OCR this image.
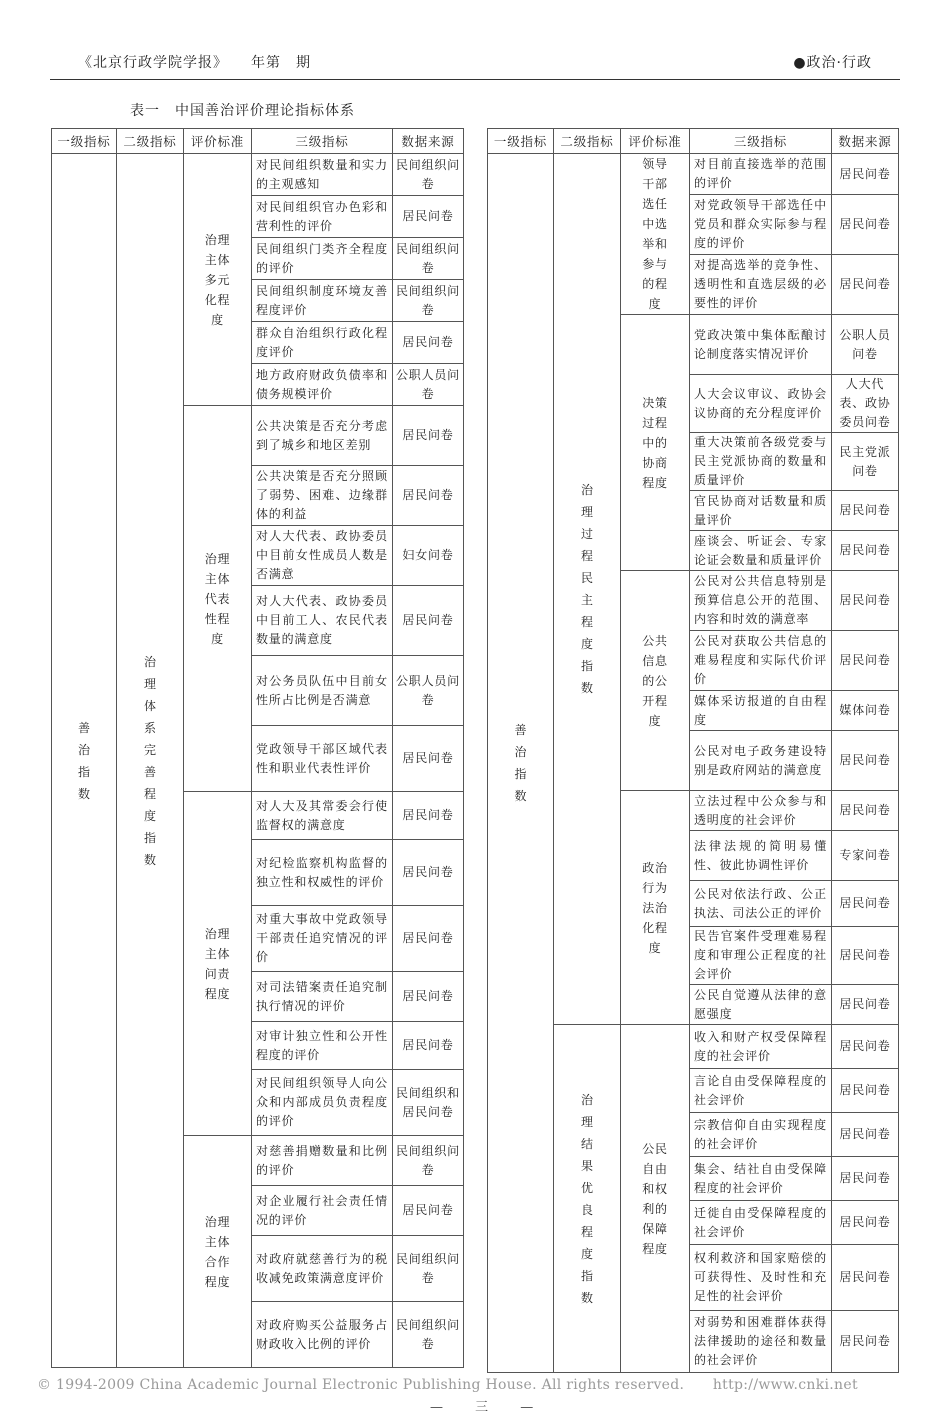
《北京行政学院学报》　　年第　期	●政治·行政
表一　中国善治评价理论指标体系
一级指标	二级指标	评价标准	三级指标	数据来源

善治指数	治理体系完善程度指数	治理主体多元化程度	对民间组织数量和实力的主观感知	民间组织问卷
			对民间组织官办色彩和营利性的评价	居民问卷
			民间组织门类齐全程度的评价	民间组织问卷
			民间组织制度环境友善程度评价	民间组织问卷
			群众自治组织行政化程度评价	居民问卷
			地方政府财政负债率和债务规模评价	公职人员问卷

		治理主体代表性程度	公共决策是否充分考虑到了城乡和地区差别	居民问卷
			公共决策是否充分照顾了弱势、困难、边缘群体的利益	居民问卷
			对人大代表、政协委员中目前女性成员人数是否满意	妇女问卷
			对人大代表、政协委员中目前工人、农民代表数量的满意度	居民问卷
			对公务员队伍中目前女性所占比例是否满意	公职人员问卷
			党政领导干部区域代表性和职业代表性评价	居民问卷

		治理主体问责程度	对人大及其常委会行使监督权的满意度	居民问卷
			对纪检监察机构监督的独立性和权威性的评价	居民问卷
			对重大事故中党政领导干部责任追究情况的评价	居民问卷
			对司法错案责任追究制执行情况的评价	居民问卷
			对审计独立性和公开性程度的评价	居民问卷
			对民间组织领导人向公众和内部成员负责程度的评价	民间组织和居民问卷

		治理主体合作程度	对慈善捐赠数量和比例的评价	民间组织问卷
			对企业履行社会责任情况的评价	居民问卷
			对政府就慈善行为的税收减免政策满意度评价	民间组织问卷
			对政府购买公益服务占财政收入比例的评价	民间组织问卷
一级指标	二级指标	评价标准	三级指标	数据来源

善治指数	治理过程民主程度指数	领导干部选任中选举和参与的程度	对目前直接选举的范围的评价	居民问卷
			对党政领导干部选任中党员和群众实际参与程度的评价	居民问卷
			对提高选举的竞争性、透明性和直选层级的必要性的评价	居民问卷

		决策过程中的协商程度	党政决策中集体酝酿讨论制度落实情况评价	公职人员问卷
			人大会议审议、政协会议协商的充分程度评价	人大代表、政协委员问卷
			重大决策前各级党委与民主党派协商的数量和质量评价	民主党派问卷
			官民协商对话数量和质量评价	居民问卷
			座谈会、听证会、专家论证会数量和质量评价	居民问卷

		公共信息的公开程度	公民对公共信息特别是预算信息公开的范围、内容和时效的满意率	居民问卷
			公民对获取公共信息的难易程度和实际代价评价	居民问卷
			媒体采访报道的自由程度	媒体问卷
			公民对电子政务建设特别是政府网站的满意度	居民问卷

		政治行为法治化程度	立法过程中公众参与和透明度的社会评价	居民问卷
			法律法规的简明易懂性、彼此协调性评价	专家问卷
			公民对依法行政、公正执法、司法公正的评价	居民问卷
			民告官案件受理难易程度和审理公正程度的社会评价	居民问卷
			公民自觉遵从法律的意愿强度	居民问卷

	治理结果优良程度指数	公民自由和权利的保障程度	收入和财产权受保障程度的社会评价	居民问卷
			言论自由受保障程度的社会评价	居民问卷
			宗教信仰自由实现程度的社会评价	居民问卷
			集会、结社自由受保障程度的社会评价	居民问卷
			迁徙自由受保障程度的社会评价	居民问卷
			权利救济和国家赔偿的可获得性、及时性和充足性的社会评价	居民问卷
			对弱势和困难群体获得法律援助的途径和数量的社会评价	居民问卷
© 1994-2009 China Academic Journal Electronic Publishing House. All rights reserved.　　http://www.cnki.net
— 三 —
